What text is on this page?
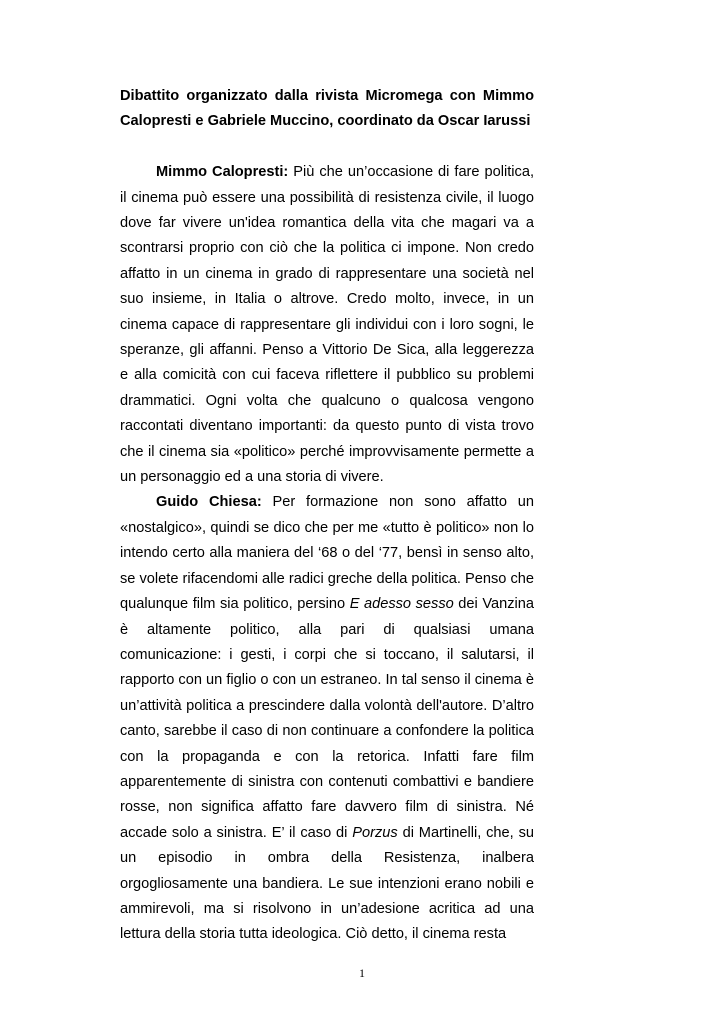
Dibattito organizzato dalla rivista Micromega con Mimmo
Calopresti e Gabriele Muccino, coordinato da Oscar Iarussi

Mimmo Calopresti: Più che un’occasione di fare politica, il cinema può essere una possibilità di resistenza civile, il luogo dove far vivere un'idea romantica della vita che magari va a scontrarsi proprio con ciò che la politica ci impone. Non credo affatto in un cinema in grado di rappresentare una società nel suo insieme, in Italia o altrove. Credo molto, invece, in un cinema capace di rappresentare gli individui con i loro sogni, le speranze, gli affanni. Penso a Vittorio De Sica, alla leggerezza e alla comicità con cui faceva riflettere il pubblico su problemi drammatici. Ogni volta che qualcuno o qualcosa vengono raccontati diventano importanti: da questo punto di vista trovo che il cinema sia «politico» perché improvvisamente permette a un personaggio ed a una storia di vivere.

Guido Chiesa: Per formazione non sono affatto un «nostalgico», quindi se dico che per me «tutto è politico» non lo intendo certo alla maniera del ‘68 o del ‘77, bensì in senso alto, se volete rifacendomi alle radici greche della politica. Penso che qualunque film sia politico, persino E adesso sesso dei Vanzina è altamente politico, alla pari di qualsiasi umana comunicazione: i gesti, i corpi che si toccano, il salutarsi, il rapporto con un figlio o con un estraneo. In tal senso il cinema è un’attività politica a prescindere dalla volontà dell'autore. D’altro canto, sarebbe il caso di non continuare a confondere la politica con la propaganda e con la retorica. Infatti fare film apparentemente di sinistra con contenuti combattivi e bandiere rosse, non significa affatto fare davvero film di sinistra. Né accade solo a sinistra. E’ il caso di Porzus di Martinelli, che, su un episodio in ombra della Resistenza, inalbera orgogliosamente una bandiera. Le sue intenzioni erano nobili e ammirevoli, ma si risolvono in un’adesione acritica ad una lettura della storia tutta ideologica. Ciò detto, il cinema resta

1
